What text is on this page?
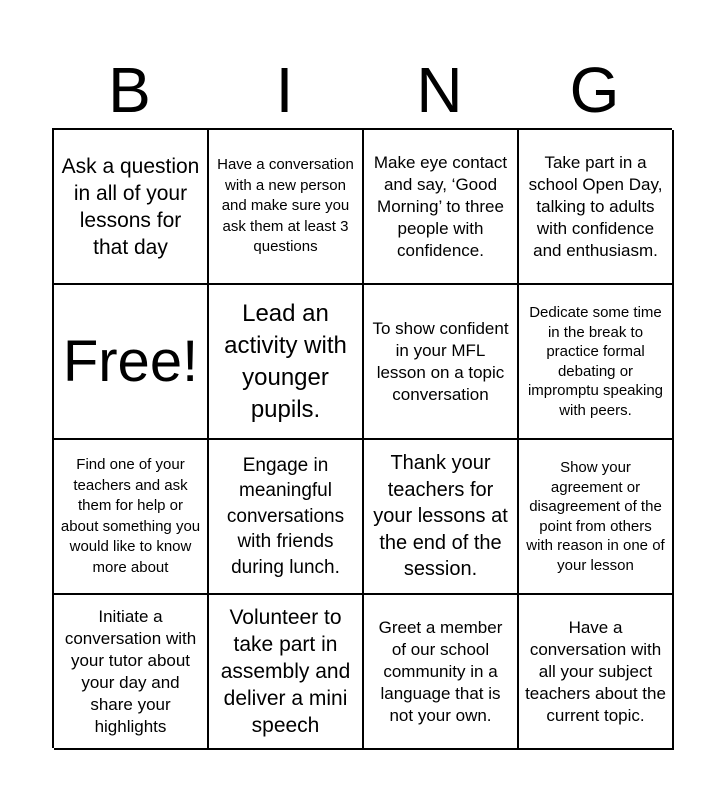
B	I	N	G
Ask a question in all of your lessons for that day
Have a conversation with a new person and make sure you ask them at least 3 questions
Make eye contact and say, ‘Good Morning’ to three people with confidence.
Take part in a school Open Day, talking to adults with confidence and enthusiasm.
Free!
Lead an activity with younger pupils.
To show confident in your MFL lesson on a topic conversation
Dedicate some time in the break to practice formal debating or impromptu speaking with peers.
Find one of your teachers and ask them for help or about something you would like to know more about
Engage in meaningful conversations with friends during lunch.
Thank your teachers for your lessons at the end of the session.
Show your agreement or disagreement of the point from others with reason in one of your lesson
Initiate a conversation with your tutor about your day and share your highlights
Volunteer to take part in assembly and deliver a mini speech
Greet a member of our school community in a language that is not your own.
Have a conversation with all your subject teachers about the current topic.
